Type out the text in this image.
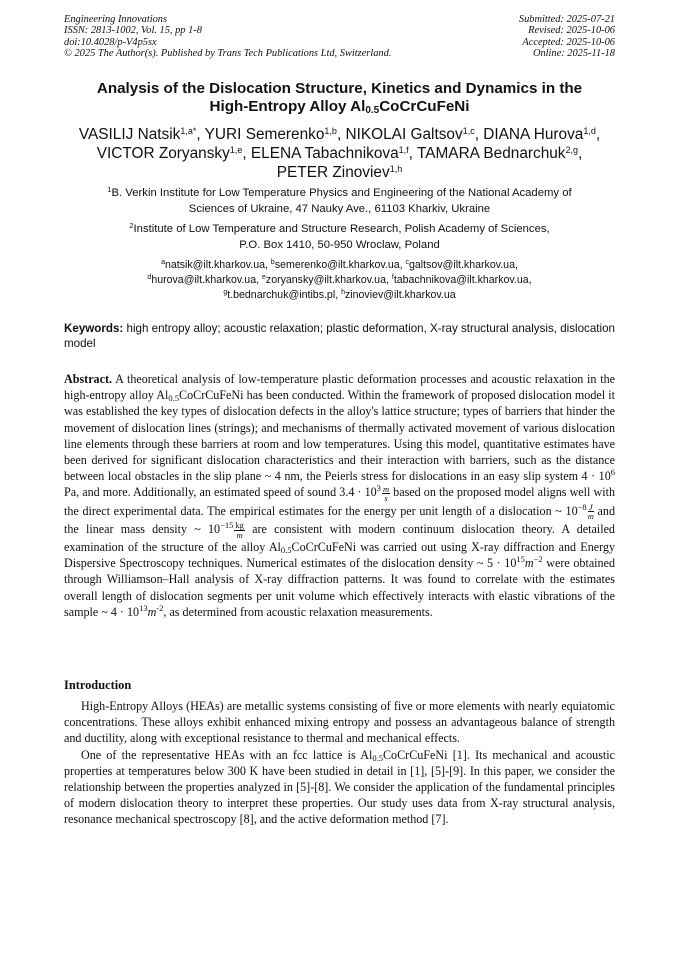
Engineering Innovations
ISSN: 2813-1002, Vol. 15, pp 1-8
doi:10.4028/p-V4p5sx
© 2025 The Author(s). Published by Trans Tech Publications Ltd, Switzerland.
Submitted: 2025-07-21
Revised: 2025-10-06
Accepted: 2025-10-06
Online: 2025-11-18
Analysis of the Dislocation Structure, Kinetics and Dynamics in the
High-Entropy Alloy $Al_{0.5}CoCrCuFeNi$
VASILIJ Natsik$^{1,a*}$, YURI Semerenko$^{1,b}$, NIKOLAI Galtsov$^{1,c}$, DIANA Hurova$^{1,d}$,
VICTOR Zoryansky$^{1,e}$, ELENA Tabachnikova$^{1,f}$, TAMARA Bednarchuk$^{2,g}$,
PETER Zinoviev$^{1,h}$
$^1$B. Verkin Institute for Low Temperature Physics and Engineering of the National Academy of
Sciences of Ukraine, 47 Nauky Ave., 61103 Kharkiv, Ukraine
$^2$Institute of Low Temperature and Structure Research, Polish Academy of Sciences,
P.O. Box 1410, 50-950 Wroclaw, Poland
$^a$natsik@ilt.kharkov.ua, $^b$semerenko@ilt.kharkov.ua, $^c$galtsov@ilt.kharkov.ua,
$^d$hurova@ilt.kharkov.ua, $^e$zoryansky@ilt.kharkov.ua, $^f$tabachnikova@ilt.kharkov.ua,
$^g$t.bednarchuk@intibs.pl, $^h$zinoviev@ilt.kharkov.ua
Keywords: high entropy alloy; acoustic relaxation; plastic deformation, X-ray structural analysis, dislocation model
Abstract. A theoretical analysis of low-temperature plastic deformation processes and acoustic relaxation in the high-entropy alloy Al0.5CoCrCuFeNi has been conducted. Within the framework of proposed dislocation model it was established the key types of dislocation defects in the alloy's lattice structure; types of barriers that hinder the movement of dislocation lines (strings); and mechanisms of thermally activated movement of various dislocation line elements through these barriers at room and low temperatures. Using this model, quantitative estimates have been derived for significant dislocation characteristics and their interaction with barriers, such as the distance between local obstacles in the slip plane ~ 4 nm, the Peierls stress for dislocations in an easy slip system $4 \cdot 10^6$ Pa, and more. Additionally, an estimated speed of sound $3.4 \cdot 10^3$  $\frac{m}{s}$ based on the proposed model aligns well with the direct experimental data. The empirical estimates for the energy per unit length of a dislocation ~ $10^{-8}$  $\frac{J}{m}$ and the linear mass density ~ $10^{-15}$  $\frac{kg}{m}$ are consistent with modern continuum dislocation theory. A detailed examination of the structure of the alloy Al0.5CoCrCuFeNi was carried out using X-ray diffraction and Energy Dispersive Spectroscopy techniques. Numerical estimates of the dislocation density ~ $5 \cdot 10^{15}m^{-2}$ were obtained through Williamson–Hall analysis of X-ray diffraction patterns. It was found to correlate with the estimates overall length of dislocation segments per unit volume which effectively interacts with elastic vibrations of the sample ~ $4 \cdot 10^{13}m^{-2}$, as determined from acoustic relaxation measurements.
Introduction

High-Entropy Alloys (HEAs) are metallic systems consisting of five or more elements with nearly equiatomic concentrations. These alloys exhibit enhanced mixing entropy and possess an advantageous balance of strength and ductility, along with exceptional resistance to thermal and mechanical effects.

One of the representative HEAs with an fcc lattice is Al0.5CoCrCuFeNi [1]. Its mechanical and acoustic properties at temperatures below 300 K have been studied in detail in [1], [5]-[9]. In this paper, we consider the relationship between the properties analyzed in [5]-[8]. We consider the application of the fundamental principles of modern dislocation theory to interpret these properties. Our study uses data from X-ray structural analysis, resonance mechanical spectroscopy [8], and the active deformation method [7].
